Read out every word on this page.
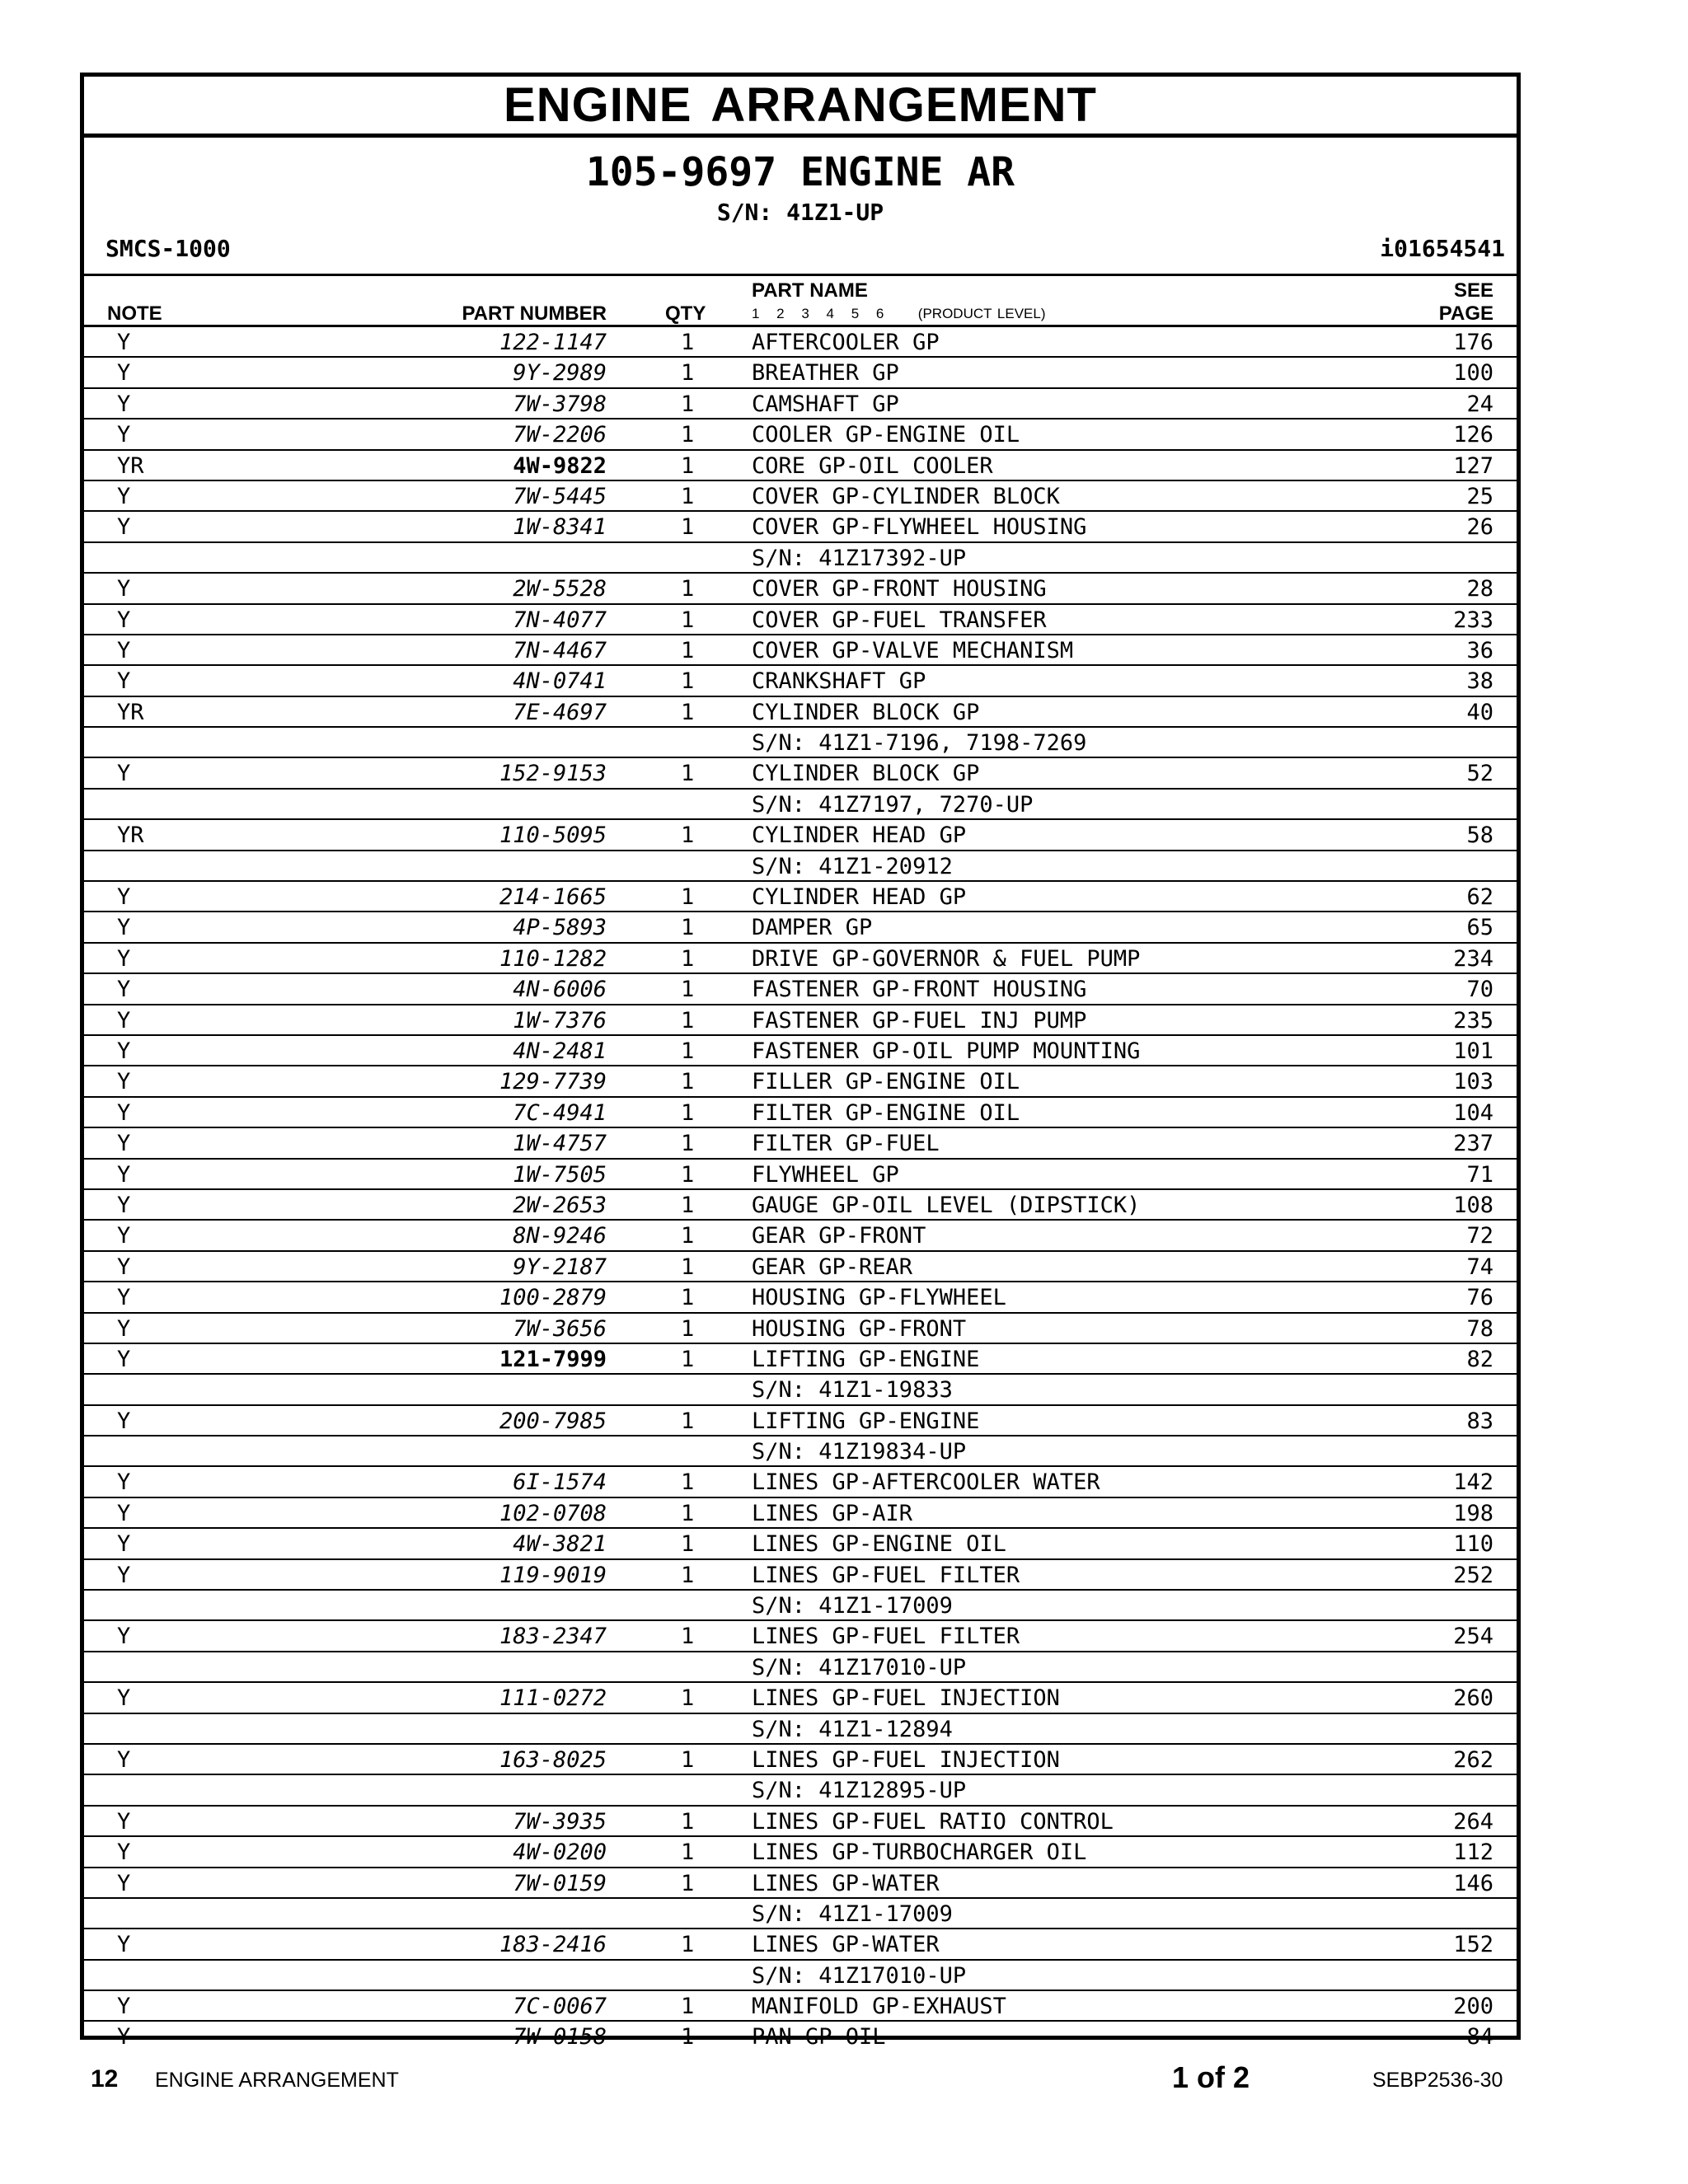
ENGINE ARRANGEMENT
105-9697 ENGINE AR
S/N: 41Z1-UP
SMCS-1000	i01654541
NOTE	PART NUMBER	QTY
PART NAME
1 2 3 4 5 6 (PRODUCT LEVEL)
SEE
PAGE
Y	122-1147	1	AFTERCOOLER GP	176
Y	9Y-2989	1	BREATHER GP	100
Y	7W-3798	1	CAMSHAFT GP	24
Y	7W-2206	1	COOLER GP-ENGINE OIL	126
YR	4W-9822	1	CORE GP-OIL COOLER	127
Y	7W-5445	1	COVER GP-CYLINDER BLOCK	25
Y	1W-8341	1	COVER GP-FLYWHEEL HOUSING	26
S/N: 41Z17392-UP
Y	2W-5528	1	COVER GP-FRONT HOUSING	28
Y	7N-4077	1	COVER GP-FUEL TRANSFER	233
Y	7N-4467	1	COVER GP-VALVE MECHANISM	36
Y	4N-0741	1	CRANKSHAFT GP	38
YR	7E-4697	1	CYLINDER BLOCK GP	40
S/N: 41Z1-7196, 7198-7269
Y	152-9153	1	CYLINDER BLOCK GP	52
S/N: 41Z7197, 7270-UP
YR	110-5095	1	CYLINDER HEAD GP	58
S/N: 41Z1-20912
Y	214-1665	1	CYLINDER HEAD GP	62
Y	4P-5893	1	DAMPER GP	65
Y	110-1282	1	DRIVE GP-GOVERNOR & FUEL PUMP	234
Y	4N-6006	1	FASTENER GP-FRONT HOUSING	70
Y	1W-7376	1	FASTENER GP-FUEL INJ PUMP	235
Y	4N-2481	1	FASTENER GP-OIL PUMP MOUNTING	101
Y	129-7739	1	FILLER GP-ENGINE OIL	103
Y	7C-4941	1	FILTER GP-ENGINE OIL	104
Y	1W-4757	1	FILTER GP-FUEL	237
Y	1W-7505	1	FLYWHEEL GP	71
Y	2W-2653	1	GAUGE GP-OIL LEVEL (DIPSTICK)	108
Y	8N-9246	1	GEAR GP-FRONT	72
Y	9Y-2187	1	GEAR GP-REAR	74
Y	100-2879	1	HOUSING GP-FLYWHEEL	76
Y	7W-3656	1	HOUSING GP-FRONT	78
Y	121-7999	1	LIFTING GP-ENGINE	82
S/N: 41Z1-19833
Y	200-7985	1	LIFTING GP-ENGINE	83
S/N: 41Z19834-UP
Y	6I-1574	1	LINES GP-AFTERCOOLER WATER	142
Y	102-0708	1	LINES GP-AIR	198
Y	4W-3821	1	LINES GP-ENGINE OIL	110
Y	119-9019	1	LINES GP-FUEL FILTER	252
S/N: 41Z1-17009
Y	183-2347	1	LINES GP-FUEL FILTER	254
S/N: 41Z17010-UP
Y	111-0272	1	LINES GP-FUEL INJECTION	260
S/N: 41Z1-12894
Y	163-8025	1	LINES GP-FUEL INJECTION	262
S/N: 41Z12895-UP
Y	7W-3935	1	LINES GP-FUEL RATIO CONTROL	264
Y	4W-0200	1	LINES GP-TURBOCHARGER OIL	112
Y	7W-0159	1	LINES GP-WATER	146
S/N: 41Z1-17009
Y	183-2416	1	LINES GP-WATER	152
S/N: 41Z17010-UP
Y	7C-0067	1	MANIFOLD GP-EXHAUST	200
Y	7W-0158	1	PAN GP-OIL	84
12 ENGINE ARRANGEMENT	1 of 2	SEBP2536-30
